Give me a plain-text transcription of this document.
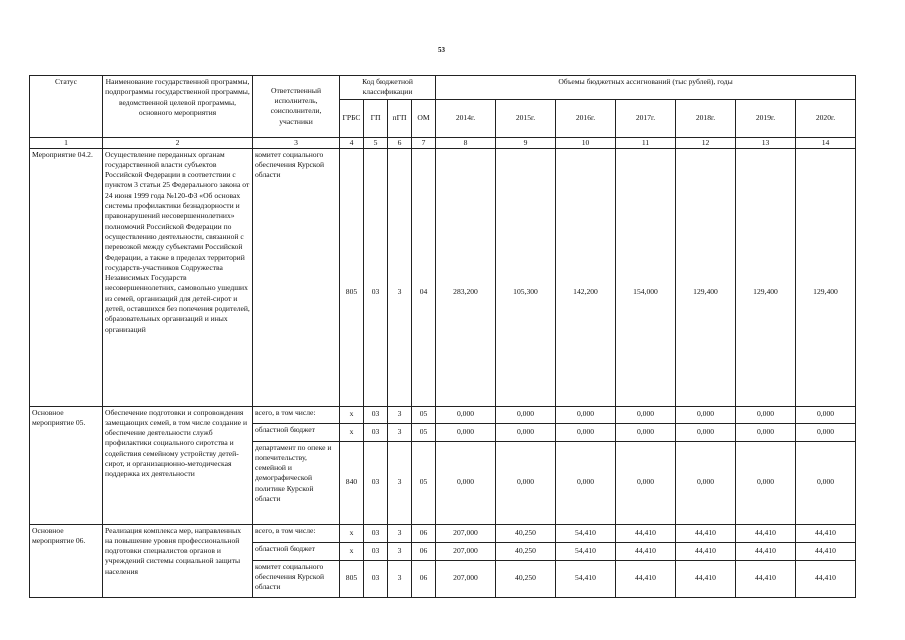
53
Статус	Наименование государственной программы, подпрограммы государственной программы, ведомственной целевой программы, основного мероприятия	Ответственный исполнитель, соисполнители, участники	Код бюджетной классификации				Объемы бюджетных ассигнований (тыс рублей), годы						
			ГРБС	ГП	пГП	ОМ	2014г.	2015г.	2016г.	2017г.	2018г.	2019г.	2020г.
1	2	3	4	5	6	7	8	9	10	11	12	13	14
Мероприятие 04.2.	Осуществление переданных органам государственной власти субъектов Российской Федерации в соответствии с пунктом 3 статьи 25 Федерального закона от 24 июня 1999 года №120-ФЗ «Об основах системы профилактики безнадзорности и правонарушений несовершеннолетних» полномочий Российской Федерации по осуществлению деятельности, связанной с перевозкой между субъектами Российской Федерации, а также в пределах территорий государств-участников Содружества Независимых Государств несовершеннолетних, самовольно ушедших из семей, организаций для детей-сирот и детей, оставшихся без попечения родителей, образовательных организаций и иных организаций	комитет социального обеспечения Курской области	805	03	3	04	283,200	105,300	142,200	154,000	129,400	129,400	129,400
Основное мероприятие 05.	Обеспечение подготовки и сопровождения замещающих семей, в том числе создание и обеспечение деятельности служб профилактики социального сиротства и содействия семейному устройству детей-сирот, и организационно-методическая поддержка их деятельности	всего, в том числе:	х	03	3	05	0,000	0,000	0,000	0,000	0,000	0,000	0,000
		областной бюджет	х	03	3	05	0,000	0,000	0,000	0,000	0,000	0,000	0,000
		департамент по опеке и попечительству, семейной и демографической политике Курской области	840	03	3	05	0,000	0,000	0,000	0,000	0,000	0,000	0,000
Основное мероприятие 06.	Реализация комплекса мер, направленных на повышение уровня профессиональной подготовки специалистов органов и учреждений системы социальной защиты населения	всего, в том числе:	х	03	3	06	207,000	40,250	54,410	44,410	44,410	44,410	44,410
		областной бюджет	х	03	3	06	207,000	40,250	54,410	44,410	44,410	44,410	44,410
		комитет социального обеспечения Курской области	805	03	3	06	207,000	40,250	54,410	44,410	44,410	44,410	44,410
